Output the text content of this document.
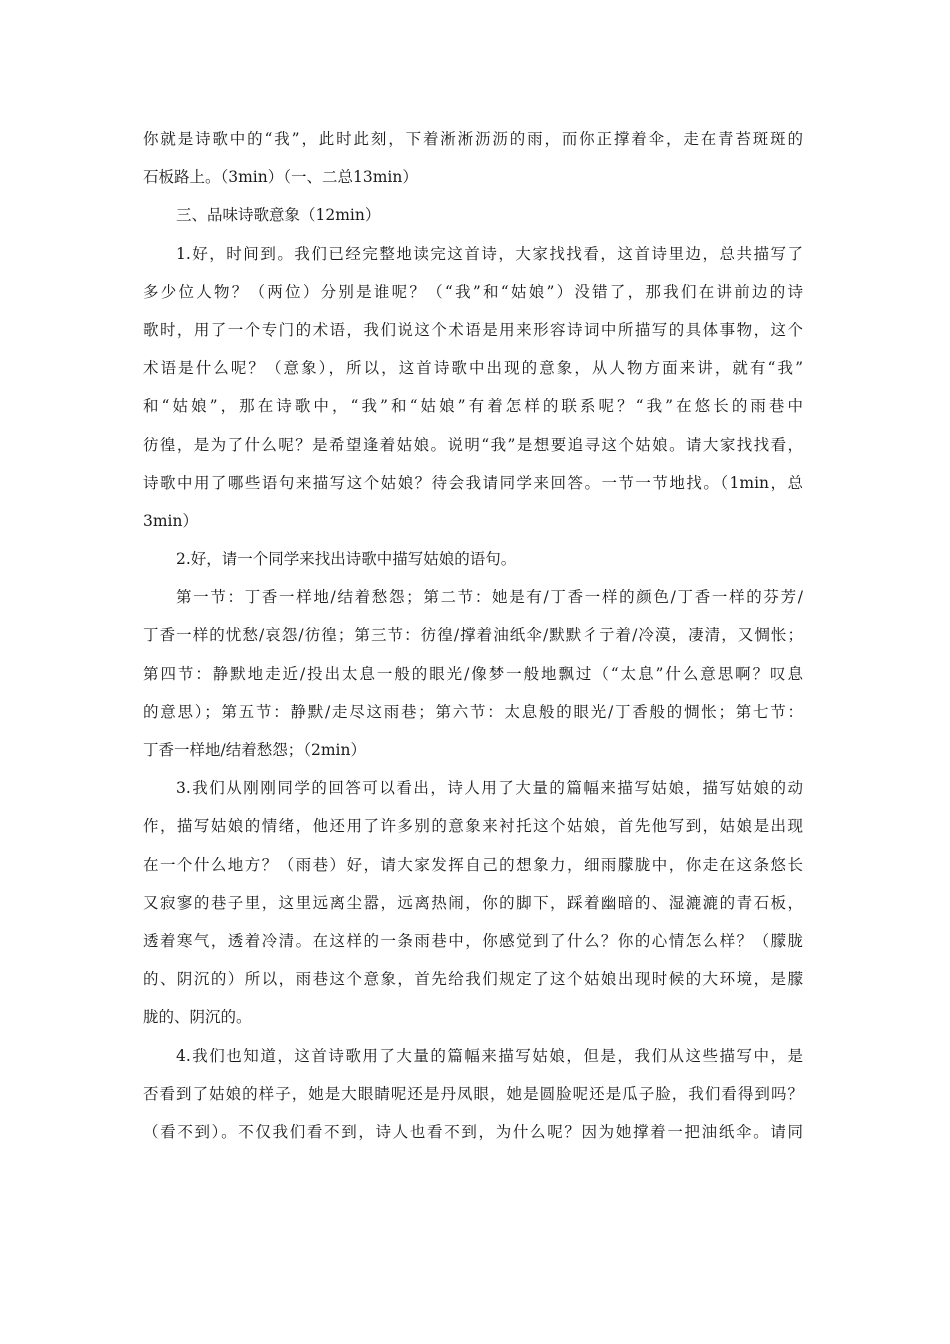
你就是诗歌中的“我”，此时此刻，下着淅淅沥沥的雨，而你正撑着伞，走在青苔斑斑的
石板路上。（3min）（一、二总13min）
三、品味诗歌意象（12min）
1.好，时间到。我们已经完整地读完这首诗，大家找找看，这首诗里边，总共描写了
多少位人物？（两位）分别是谁呢？（“我”和“姑娘”）没错了，那我们在讲前边的诗
歌时，用了一个专门的术语，我们说这个术语是用来形容诗词中所描写的具体事物，这个
术语是什么呢？（意象），所以，这首诗歌中出现的意象，从人物方面来讲，就有“我”
和“姑娘”，那在诗歌中，“我”和“姑娘”有着怎样的联系呢？“我”在悠长的雨巷中
彷徨，是为了什么呢？是希望逢着姑娘。说明“我”是想要追寻这个姑娘。请大家找找看，
诗歌中用了哪些语句来描写这个姑娘？待会我请同学来回答。一节一节地找。（1min，总
3min）
2.好，请一个同学来找出诗歌中描写姑娘的语句。
第一节：丁香一样地/结着愁怨；第二节：她是有/丁香一样的颜色/丁香一样的芬芳/
丁香一样的忧愁/哀怨/彷徨；第三节：彷徨/撑着油纸伞/默默彳亍着/冷漠，凄清，又惆怅；
第四节：静默地走近/投出太息一般的眼光/像梦一般地飘过（“太息”什么意思啊？叹息
的意思）；第五节：静默/走尽这雨巷；第六节：太息般的眼光/丁香般的惆怅；第七节：
丁香一样地/结着愁怨；（2min）
3.我们从刚刚同学的回答可以看出，诗人用了大量的篇幅来描写姑娘，描写姑娘的动
作，描写姑娘的情绪，他还用了许多别的意象来衬托这个姑娘，首先他写到，姑娘是出现
在一个什么地方？（雨巷）好，请大家发挥自己的想象力，细雨朦胧中，你走在这条悠长
又寂寥的巷子里，这里远离尘嚣，远离热闹，你的脚下，踩着幽暗的、湿漉漉的青石板，
透着寒气，透着冷清。在这样的一条雨巷中，你感觉到了什么？你的心情怎么样？（朦胧
的、阴沉的）所以，雨巷这个意象，首先给我们规定了这个姑娘出现时候的大环境，是朦
胧的、阴沉的。
4.我们也知道，这首诗歌用了大量的篇幅来描写姑娘，但是，我们从这些描写中，是
否看到了姑娘的样子，她是大眼睛呢还是丹凤眼，她是圆脸呢还是瓜子脸，我们看得到吗？
（看不到）。不仅我们看不到，诗人也看不到，为什么呢？因为她撑着一把油纸伞。请同
